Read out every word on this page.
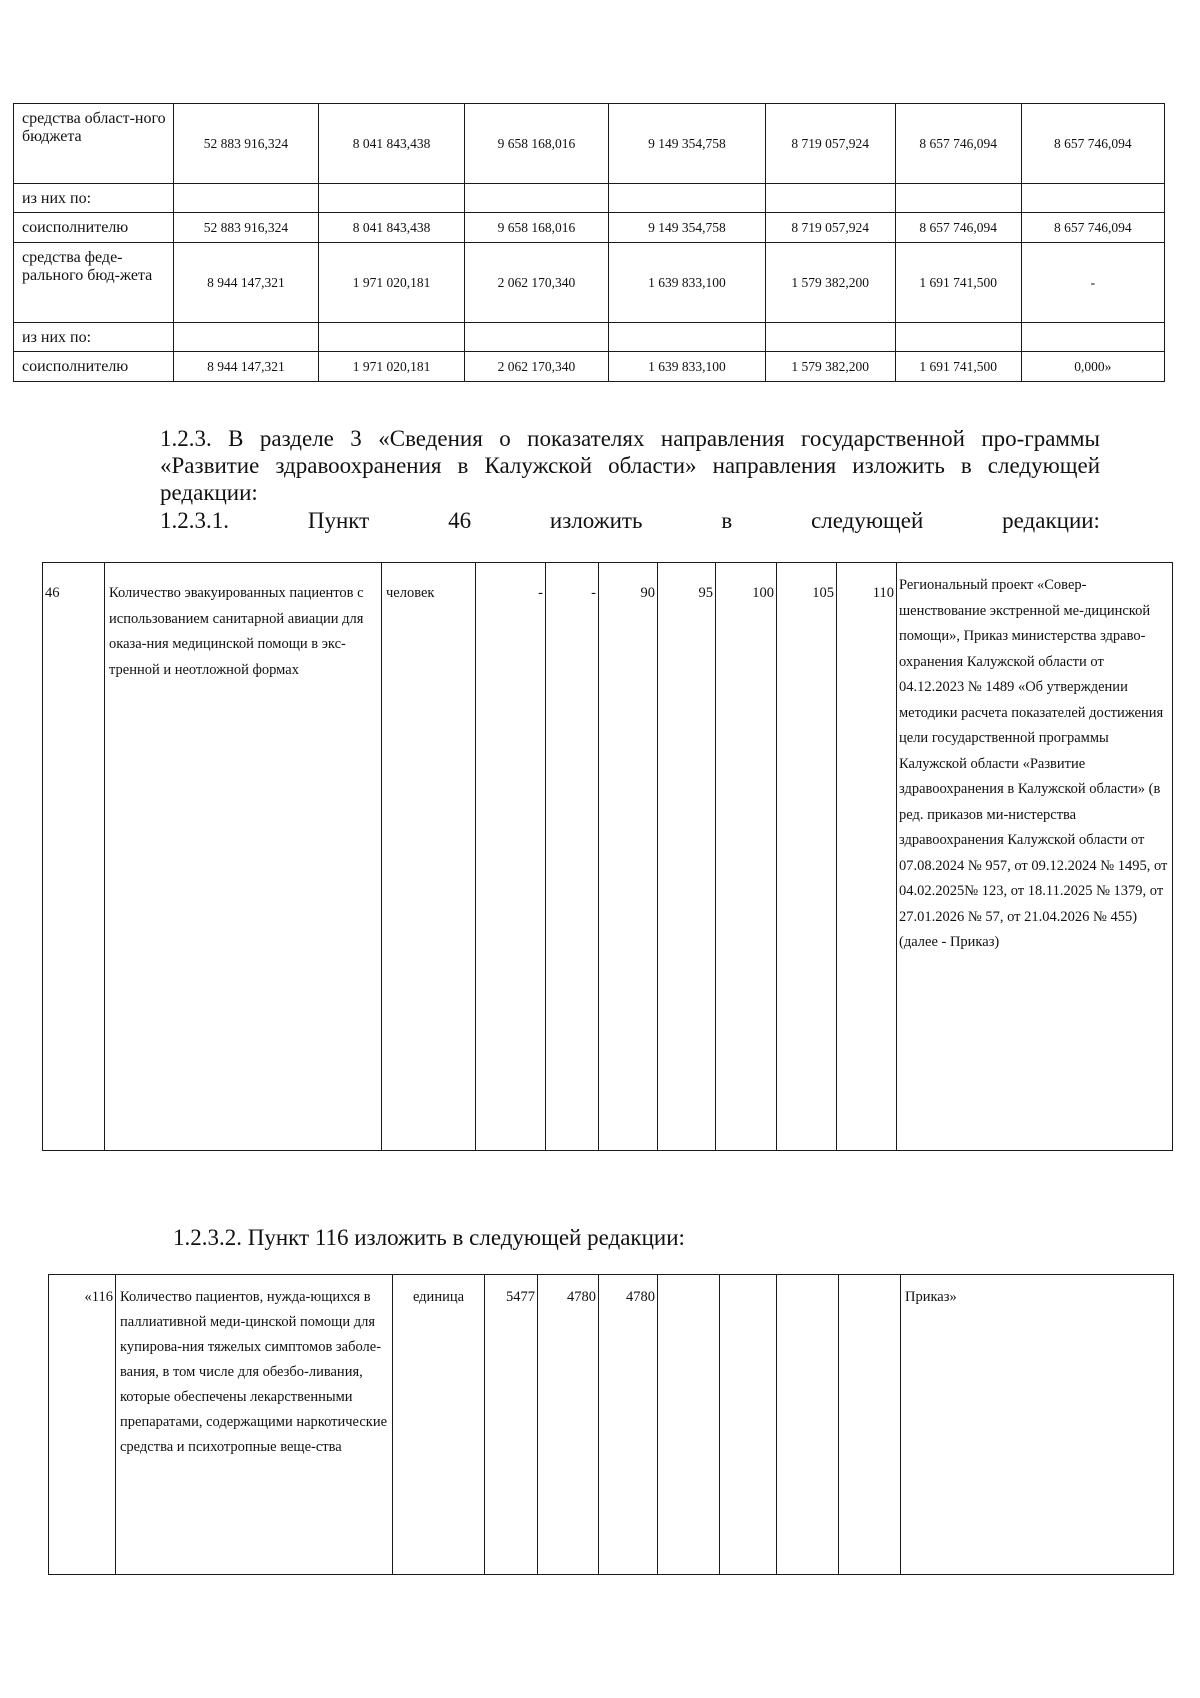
средства област-ного бюджета	52 883 916,324	8 041 843,438	9 658 168,016	9 149 354,758	8 719 057,924	8 657 746,094	8 657 746,094
из них по:							
соисполнителю	52 883 916,324	8 041 843,438	9 658 168,016	9 149 354,758	8 719 057,924	8 657 746,094	8 657 746,094
средства феде-рального бюд-жета	8 944 147,321	1 971 020,181	2 062 170,340	1 639 833,100	1 579 382,200	1 691 741,500	-
из них по:							
соисполнителю	8 944 147,321	1 971 020,181	2 062 170,340	1 639 833,100	1 579 382,200	1 691 741,500	0,000»
1.2.3. В разделе 3 «Сведения о показателях направления государственной про-граммы «Развитие здравоохранения в Калужской области» направления изложить в следующей редакции:
1.2.3.1.	Пункт	46	изложить	в	следующей	редакции:
46	Количество эвакуированных пациентов с использованием санитарной авиации для оказа-ния медицинской помощи в экс-тренной и неотложной формах	человек	-	-	90	95	100	105	110	Региональный проект «Совер-шенствование экстренной ме-дицинской помощи», Приказ министерства здраво-охранения Калужской области от 04.12.2023 № 1489 «Об утверждении методики расчета показателей достижения цели государственной программы Калужской области «Развитие здравоохранения в Калужской области» (в ред. приказов ми-нистерства здравоохранения Калужской области от 07.08.2024 № 957, от 09.12.2024 № 1495, от 04.02.2025№ 123, от 18.11.2025 № 1379, от 27.01.2026 № 57, от 21.04.2026 № 455) (далее - Приказ)
1.2.3.2. Пункт 116 изложить в следующей редакции:
«116	Количество пациентов, нужда-ющихся в паллиативной меди-цинской помощи для купирова-ния тяжелых симптомов заболе-вания, в том числе для обезбо-ливания, которые обеспечены лекарственными препаратами, содержащими наркотические средства и психотропные веще-ства	единица	5477	4780	4780					Приказ»
